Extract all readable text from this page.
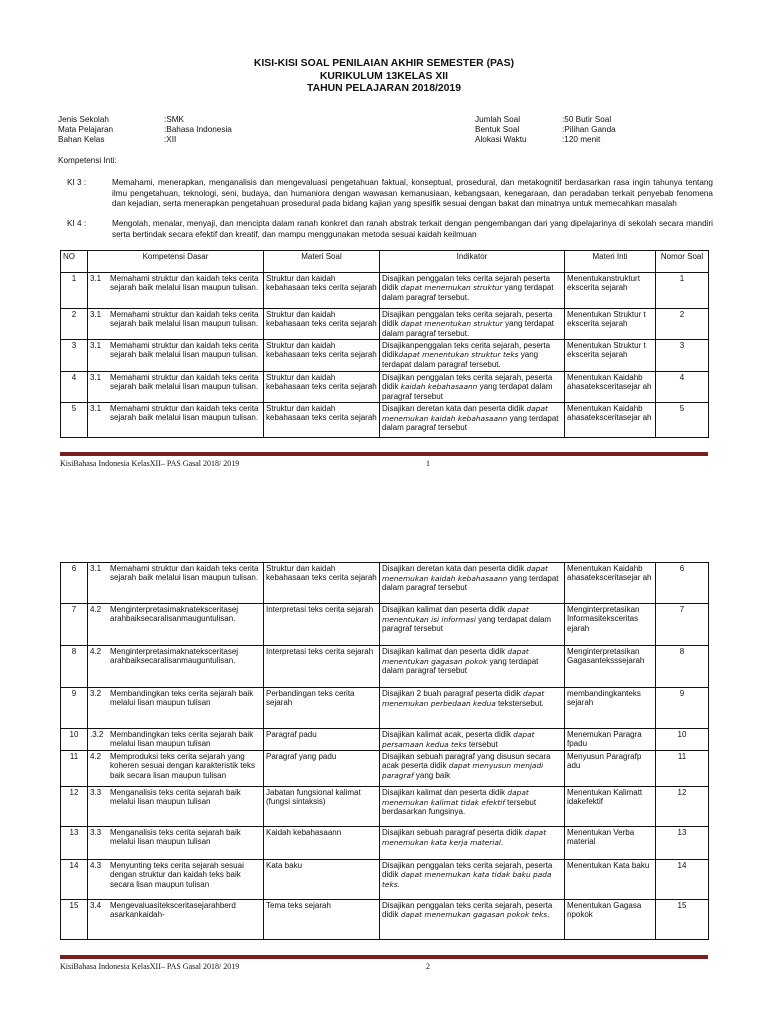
KISI-KISI SOAL PENILAIAN AKHIR SEMESTER (PAS)
KURIKULUM 13KELAS XII
TAHUN PELAJARAN 2018/2019
Jenis Sekolah	:SMK
Mata Pelajaran	:Bahasa Indonesia
Bahan Kelas	:XII
Jumlah Soal	:50 Butir Soal
Bentuk Soal	:Pilihan Ganda
Alokasi Waktu	:120 menit
Kompetensi Inti:
KI 3 :	Memahami, menerapkan, menganalisis dan mengevaluasi pengetahuan faktual, konseptual, prosedural, dan metakognitif berdasarkan rasa ingin tahunya tentang ilmu pengetahuan, teknologi, seni, budaya, dan humaniora dengan wawasan kemanusiaan, kebangsaan, kenegaraan, dan peradaban terkait penyebab fenomena dan kejadian, serta menerapkan pengetahuan prosedural pada bidang kajian yang spesifik sesuai dengan bakat dan minatnya untuk memecahkan masalah
KI 4 :	Mengolah, menalar, menyaji, dan mencipta dalam ranah konkret dan ranah abstrak terkait dengan pengembangan dari yang dipelajarinya di sekolah secara mandiri serta bertindak secara efektif dan kreatif, dan mampu menggunakan metoda sesuai kaidah keilmuan
NO	Kompetensi Dasar	Materi Soal	Indikator	Materi Inti	Nomor Soal
1	3.1 Memahami struktur dan kaidah teks cerita sejarah baik melalui lisan maupun tulisan.	Struktur dan kaidah kebahasaan teks cerita sejarah	Disajikan penggalan teks cerita sejarah peserta didik dapat menemukan struktur yang terdapat dalam paragraf tersebut.	Menentukanstrukturt ekscerita sejarah	1
2	3.1 Memahami struktur dan kaidah teks cerita sejarah baik melalui lisan maupun tulisan.	Struktur dan kaidah kebahasaan teks cerita sejarah	Disajikan penggalan teks cerita sejarah, peserta didik dapat menentukan struktur yang terdapat dalam paragraf tersebut.	Menentukan Struktur t ekscerita sejarah	2
3	3.1 Memahami struktur dan kaidah teks cerita sejarah baik melalui lisan maupun tulisan.	Struktur dan kaidah kebahasaan teks cerita sejarah	Disajikanpenggalan teks cerita sejarah, peserta didikdapat menentukan struktur teks yang terdapat dalam paragraf tersebut.	Menentukan Struktur t ekscerita sejarah	3
4	3.1 Memahami struktur dan kaidah teks cerita sejarah baik melalui lisan maupun tulisan.	Struktur dan kaidah kebahasaan teks cerita sejarah	Disajikan penggalan teks cerita sejarah, peserta didik kaidah kebahasaann yang terdapat dalam paragraf tersebut	Menentukan Kaidahb ahasateksceritasejar ah	4
5	3.1 Memahami struktur dan kaidah teks cerita sejarah baik melalui lisan maupun tulisan.	Struktur dan kaidah kebahasaan teks cerita sejarah	Disajikan deretan kata dan peserta didik dapat menemukan kaidah kebahasaann yang terdapat dalam paragraf tersebut	Menentukan Kaidahb ahasateksceritasejar ah	5
KisiBahasa Indonesia KelasXII– PAS Gasal 2018/ 2019	1
6	3.1 Memahami struktur dan kaidah teks cerita sejarah baik melalui lisan maupun tulisan.	Struktur dan kaidah kebahasaan teks cerita sejarah	Disajikan deretan kata dan peserta didik dapat menemukan kaidah kebahasaann yang terdapat dalam paragraf tersebut	Menentukan Kaidahb ahasateksceritasejar ah	6
7	4.2 Menginterpretasimaknateksceritasej arahbaiksecaralisanmauguntulisan.	Interpretasi teks cerita sejarah	Disajikan kalimat dan peserta didik dapat menentukan isi informasi yang terdapat dalam paragraf tersebut	Menginterpretasikan Informasiteksceritas ejarah	7
8	4.2 Menginterpretasimaknateksceritasej arahbaiksecaralisanmauguntulisan.	Interpretasi teks cerita sejarah	Disajikan kalimat dan peserta didik dapat menentukan gagasan pokok yang terdapat dalam paragraf tersebut	Menginterpretasikan Gagasanteksssejarah	8
9	3.2 Membandingkan teks cerita sejarah baik melalui lisan maupun tulisan	Perbandingan teks cerita sejarah	Disajikan 2 buah paragraf peserta didik dapat menemukan perbedaan kedua tekstersebut.	membandingkanteks sejarah	9
10	.3.2 Membandingkan teks cerita sejarah baik melalui lisan maupun tulisan	Paragraf padu	Disajikan kalimat acak, peserta didik dapat persamaan kedua teks tersebut	Menemukan Paragra fpadu	10
11	4.2 Memproduksi teks cerita sejarah yang koheren sesuai dengan karakteristik teks baik secara lisan maupun tulisan	Paragraf yang padu	Disajikan sebuah paragraf yang disusun secara acak peserta didik dapat menyusun menjadi paragraf yang baik	Menyusun Paragrafp adu	11
12	3.3 Menganalisis teks cerita sejarah baik melalui lisan maupun tulisan	Jabatan fungsional kalimat (fungsi sintaksis)	Disajikan kalimat dan peserta didik dapat menemukan kalimat tidak efektif tersebut berdasarkan fungsinya.	Menentukan Kalimatt idakefektif	12
13	3.3 Menganalisis teks cerita sejarah baik melalui lisan maupun tulisan	Kaidah kebahasaann	Disajikan sebuah paragraf peserta didik dapat menemukan kata kerja material.	Menentukan Verba material	13
14	4.3 Menyunting teks cerita sejarah sesuai dengan struktur dan kaidah teks baik secara lisan maupun tulisan	Kata baku	Disajikan penggalan teks cerita sejarah, peserta didik dapat menemukan kata tidak baku pada teks.	Menentukan Kata baku	14
15	3.4 Mengevaluasiteksceritasejarahberd asarkankaidah-	Tema teks sejarah	Disajikan penggalan teks cerita sejarah, peserta didik dapat menemukan gagasan pokok teks.	Menentukan Gagasa npokok	15
KisiBahasa Indonesia KelasXII– PAS Gasal 2018/ 2019	2
